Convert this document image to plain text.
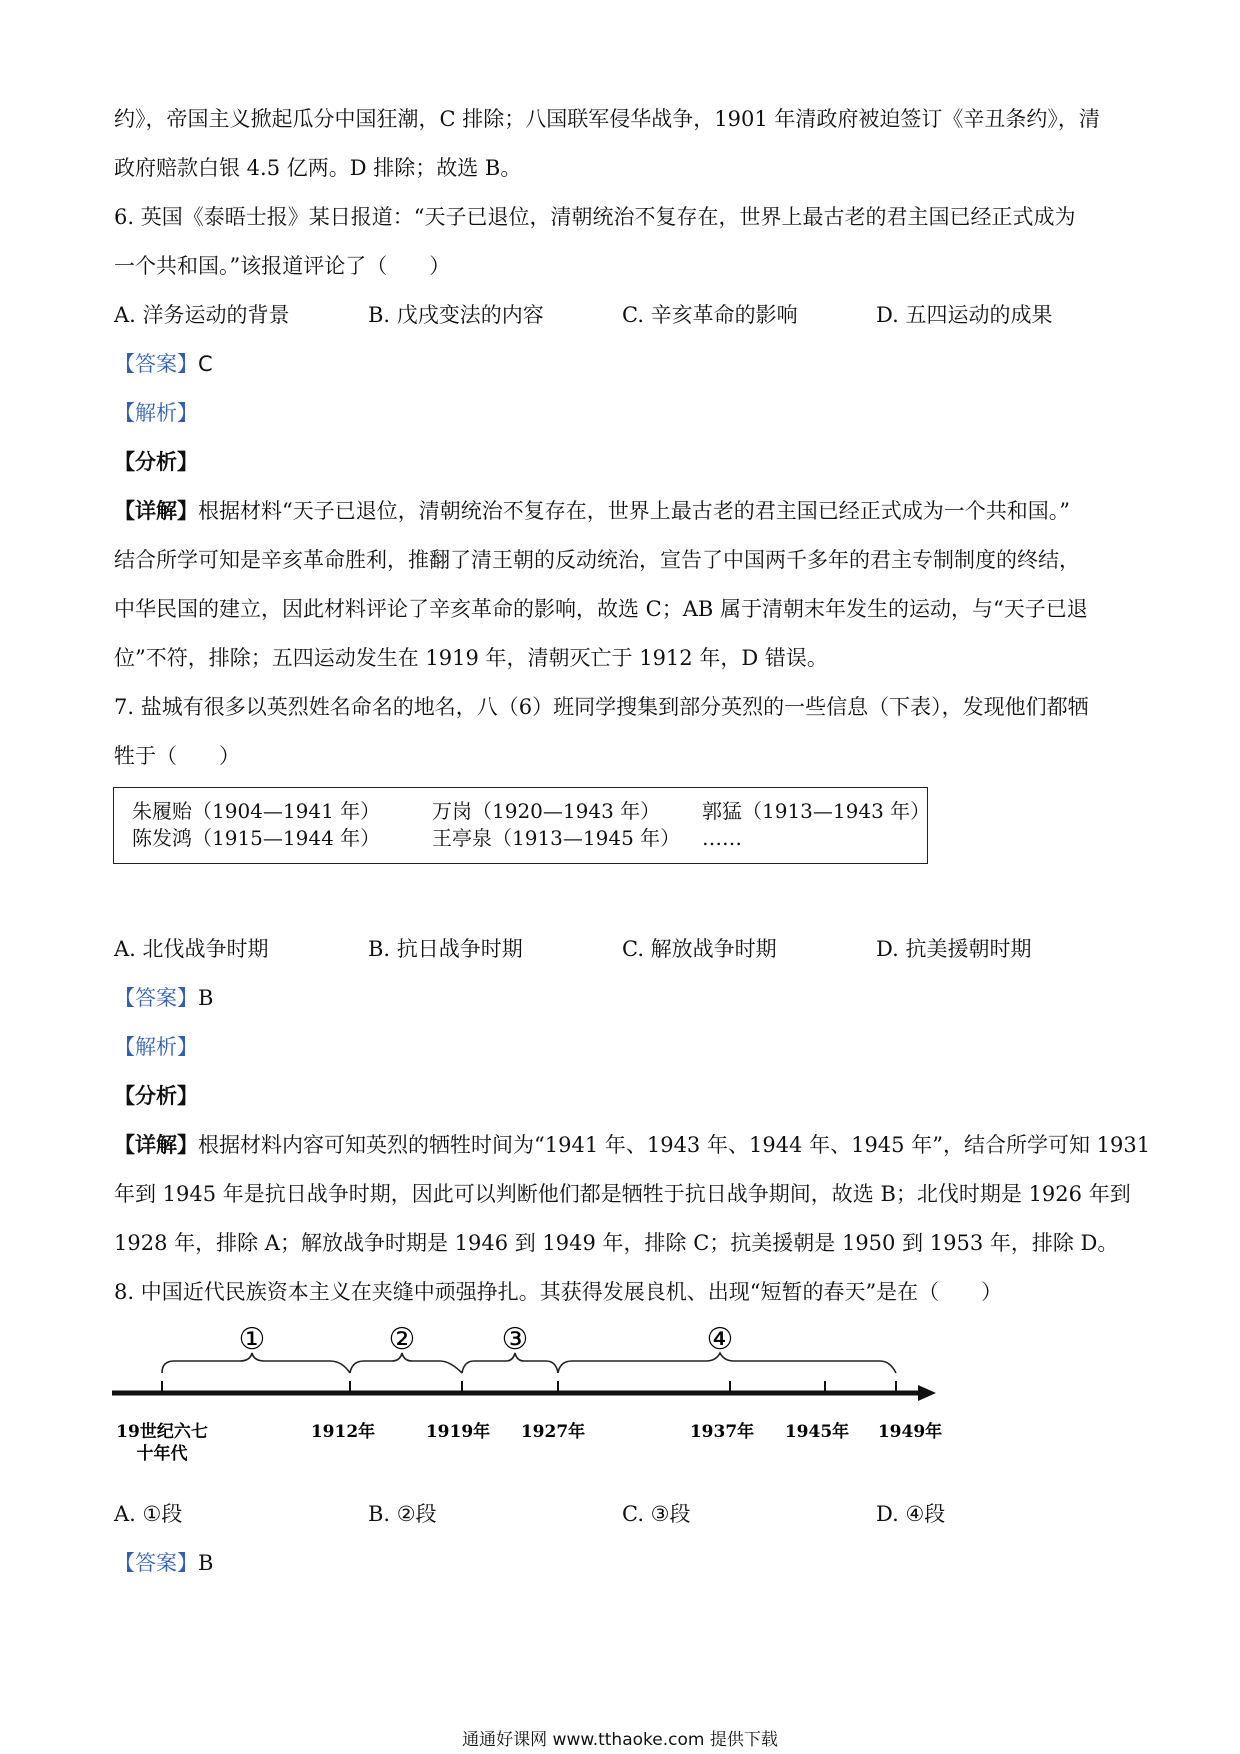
约》，帝国主义掀起瓜分中国狂潮，C 排除；八国联军侵华战争，1901 年清政府被迫签订《辛丑条约》，清
政府赔款白银 4.5 亿两。D 排除；故选 B。
6. 英国《泰晤士报》某日报道：“天子已退位，清朝统治不复存在，世界上最古老的君主国已经正式成为
一个共和国。”该报道评论了（　　）
A. 洋务运动的背景	B. 戊戌变法的内容	C. 辛亥革命的影响	D. 五四运动的成果
【答案】C
【解析】
【分析】
【详解】根据材料“天子已退位，清朝统治不复存在，世界上最古老的君主国已经正式成为一个共和国。”
结合所学可知是辛亥革命胜利，推翻了清王朝的反动统治，宣告了中国两千多年的君主专制制度的终结，
中华民国的建立，因此材料评论了辛亥革命的影响，故选 C；AB 属于清朝末年发生的运动，与“天子已退
位”不符，排除；五四运动发生在 1919 年，清朝灭亡于 1912 年，D 错误。
7. 盐城有很多以英烈姓名命名的地名，八（6）班同学搜集到部分英烈的一些信息（下表），发现他们都牺
牲于（　　）
朱履贻（1904—1941 年）	万岗（1920—1943 年） 郭猛（1913—1943 年）
陈发鸿（1915—1944 年）	王亭泉（1913—1945 年） ……
A. 北伐战争时期	B. 抗日战争时期	C. 解放战争时期	D. 抗美援朝时期
【答案】B
【解析】
【分析】
【详解】根据材料内容可知英烈的牺牲时间为“1941 年、1943 年、1944 年、1945 年”，结合所学可知 1931
年到 1945 年是抗日战争时期，因此可以判断他们都是牺牲于抗日战争期间，故选 B；北伐时期是 1926 年到
1928 年，排除 A；解放战争时期是 1946 到 1949 年，排除 C；抗美援朝是 1950 到 1953 年，排除 D。
8. 中国近代民族资本主义在夹缝中顽强挣扎。其获得发展良机、出现“短暂的春天”是在（　　）
①	②	③	④
19世纪六七
十年代
1912年	1919年 1927年	1937年 1945年 1949年
A. ①段	B. ②段	C. ③段	D. ④段
【答案】B
通通好课网 www.tthaoke.com 提供下载
